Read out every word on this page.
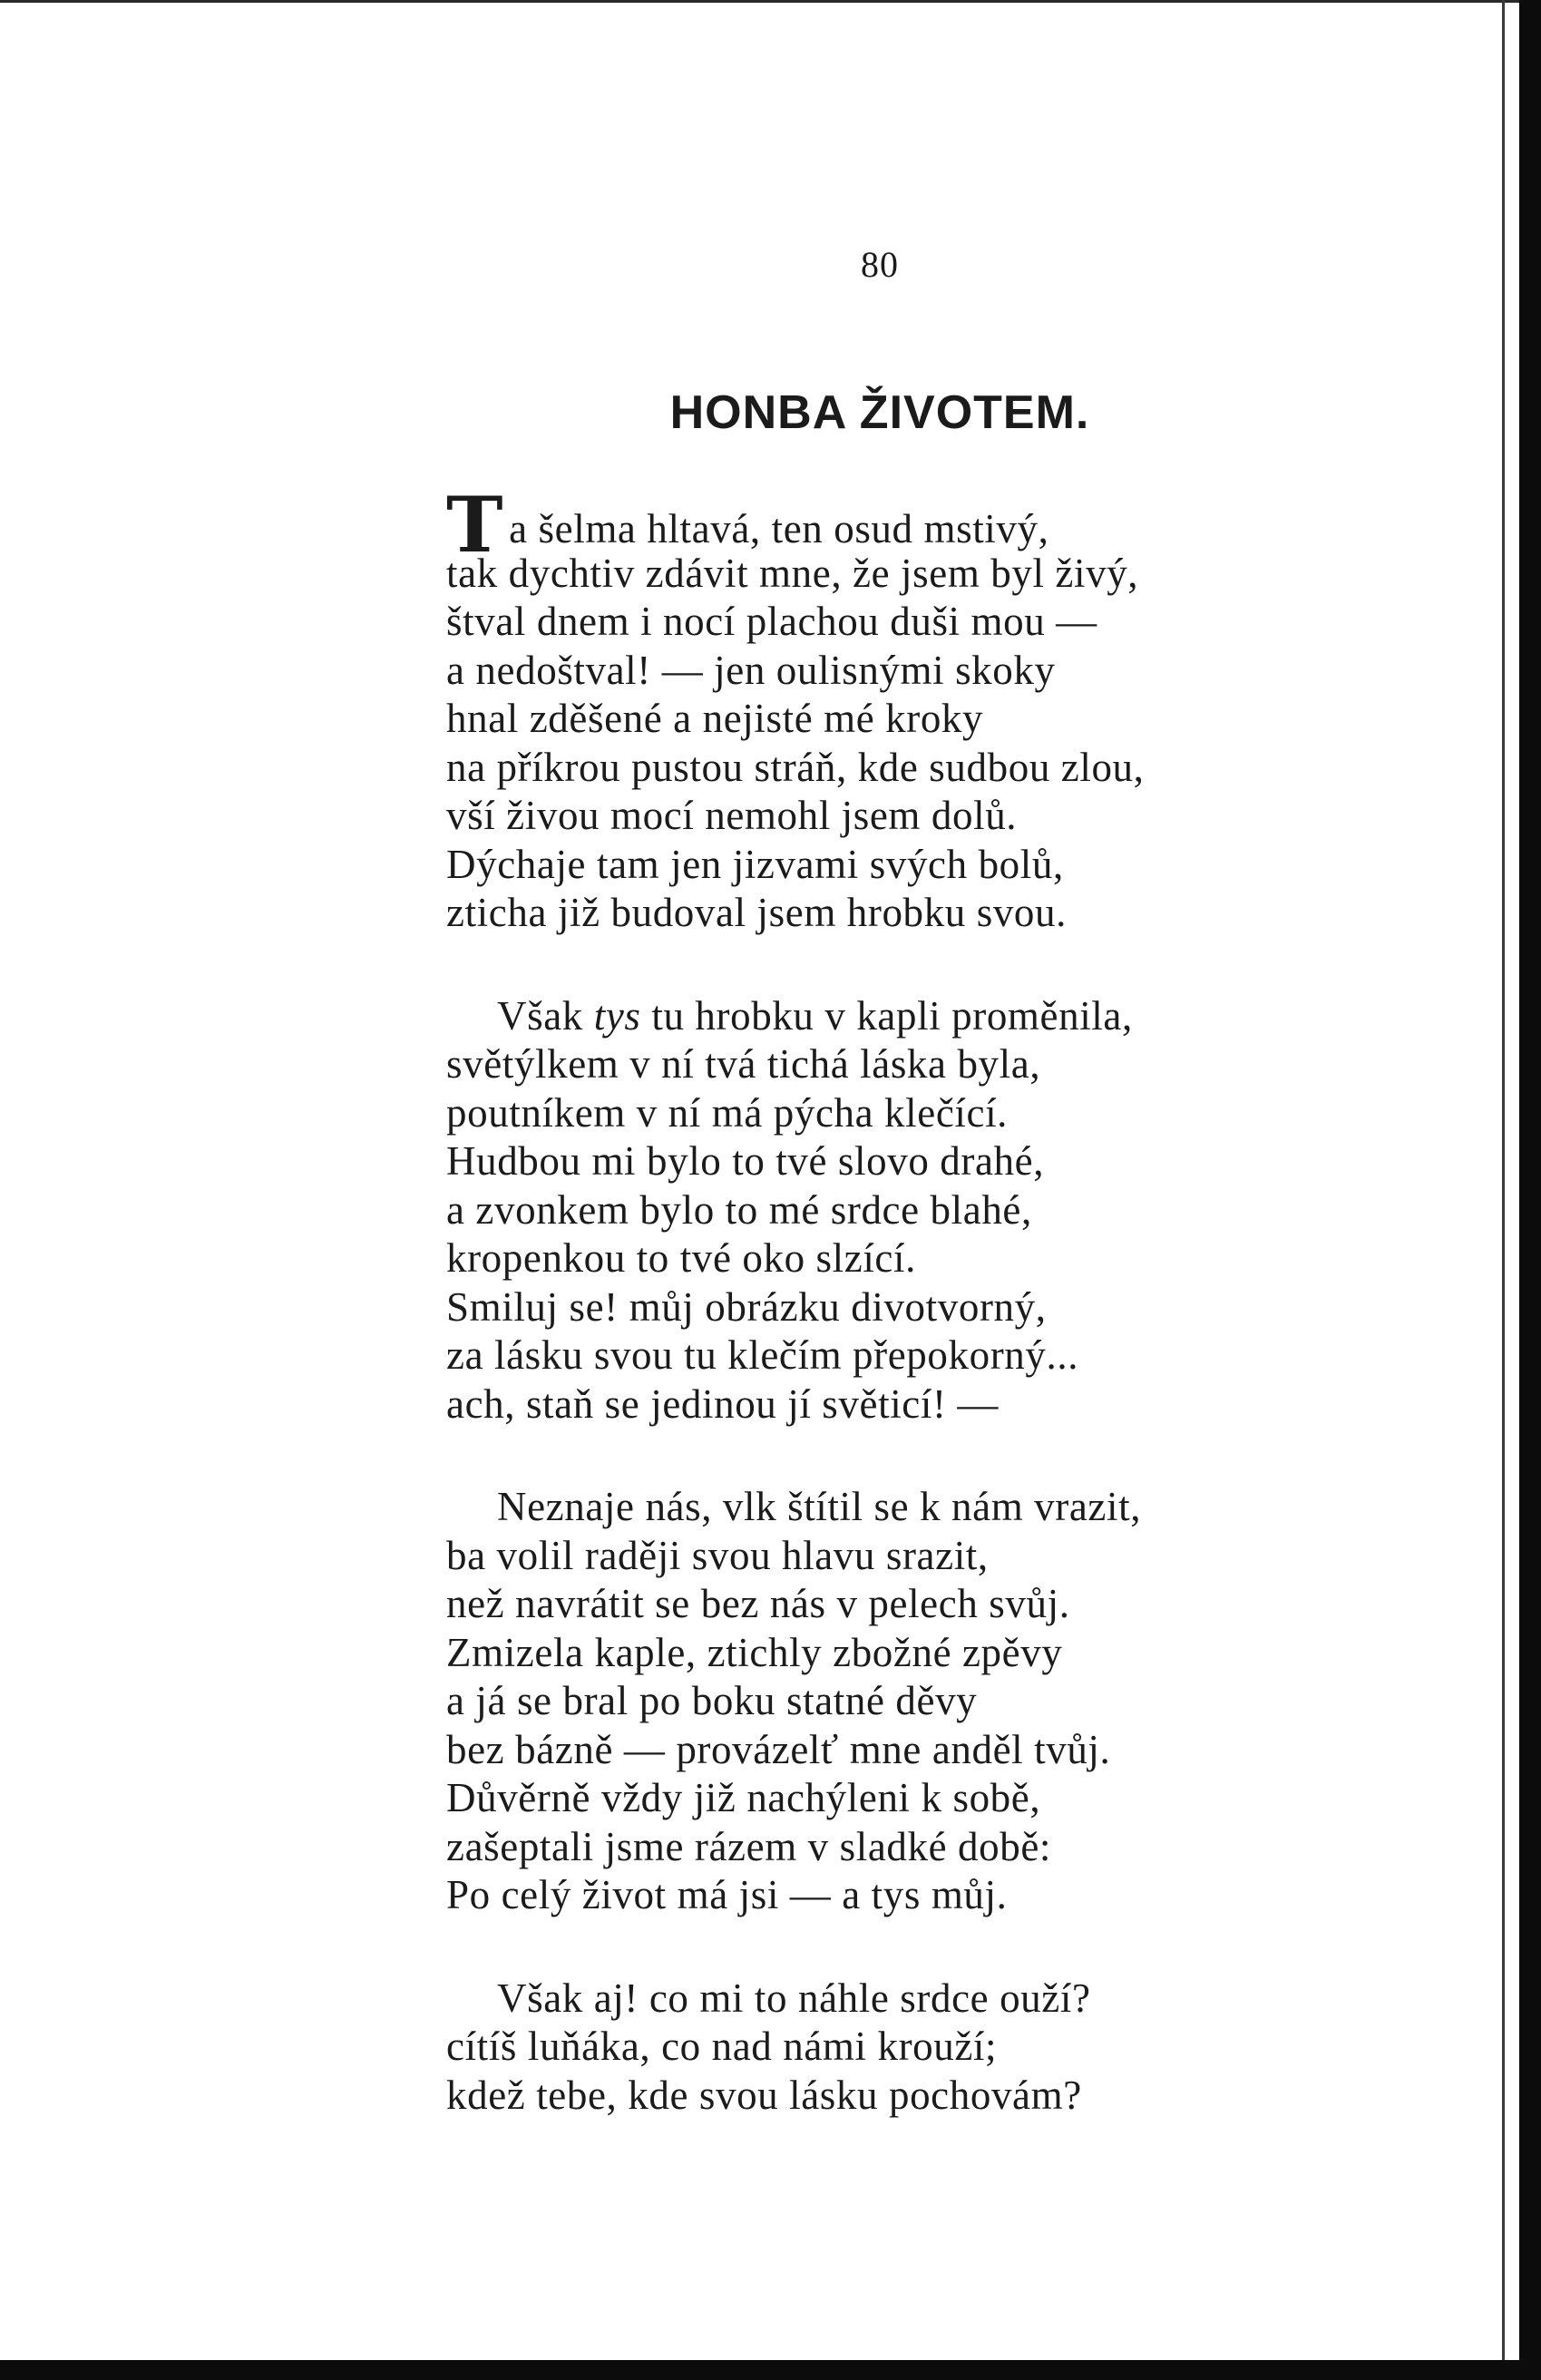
80
HONBA ŽIVOTEM.
Ta šelma hltavá, ten osud mstivý,
tak dychtiv zdávit mne, že jsem byl živý,
štval dnem i nocí plachou duši mou —
a nedoštval! — jen oulisnými skoky
hnal zděšené a nejisté mé kroky
na příkrou pustou stráň, kde sudbou zlou,
vší živou mocí nemohl jsem dolů.
Dýchaje tam jen jizvami svých bolů,
zticha již budoval jsem hrobku svou.
Však tys tu hrobku v kapli proměnila,
světýlkem v ní tvá tichá láska byla,
poutníkem v ní má pýcha klečící.
Hudbou mi bylo to tvé slovo drahé,
a zvonkem bylo to mé srdce blahé,
kropenkou to tvé oko slzící.
Smiluj se! můj obrázku divotvorný,
za lásku svou tu klečím přepokorný...
ach, staň se jedinou jí světicí! —
Neznaje nás, vlk štítil se k nám vrazit,
ba volil raději svou hlavu srazit,
než navrátit se bez nás v pelech svůj.
Zmizela kaple, ztichly zbožné zpěvy
a já se bral po boku statné děvy
bez bázně — provázelť mne anděl tvůj.
Důvěrně vždy již nachýleni k sobě,
zašeptali jsme rázem v sladké době:
Po celý život má jsi — a tys můj.
Však aj! co mi to náhle srdce ouží?
cítíš luňáka, co nad námi krouží;
kdež tebe, kde svou lásku pochovám?
